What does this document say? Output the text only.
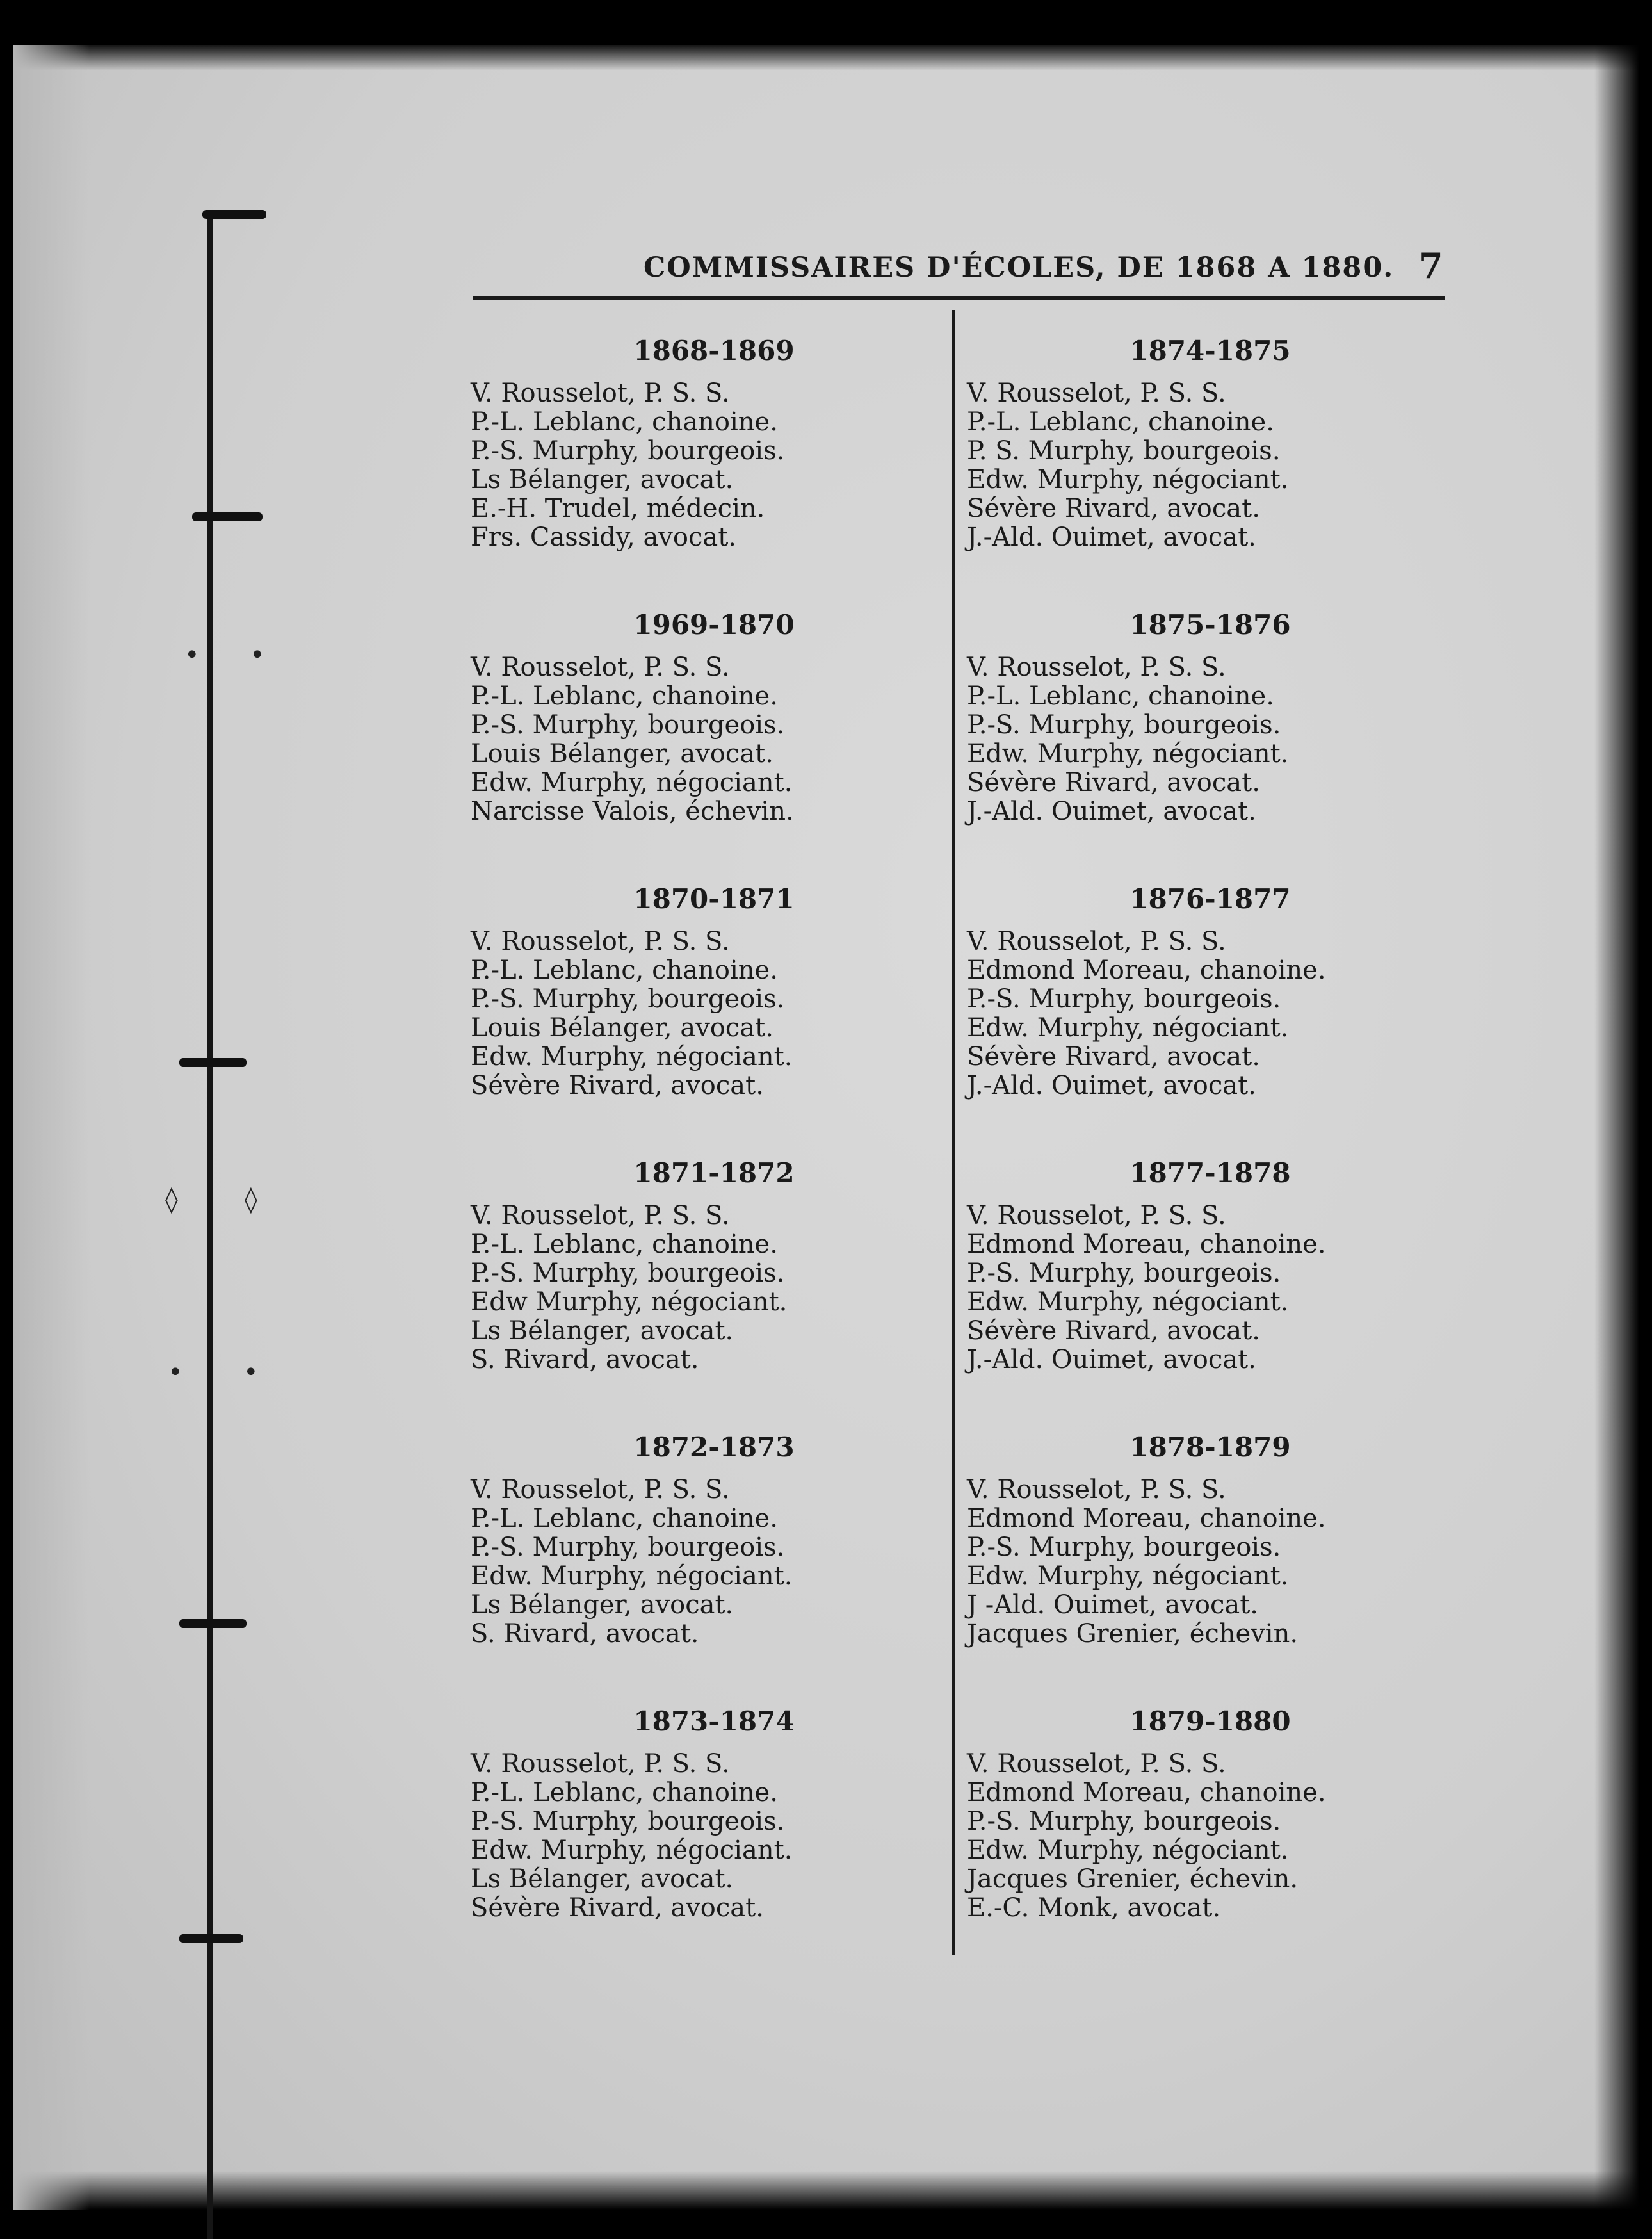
• •
◊	◊
• •
COMMISSAIRES D'ÉCOLES, DE 1868 A 1880. 7
1868-1869
V. Rousselot, P. S. S.
P.-L. Leblanc, chanoine.
P.-S. Murphy, bourgeois.
Ls Bélanger, avocat.
E.-H. Trudel, médecin.
Frs. Cassidy, avocat.
1969-1870
V. Rousselot, P. S. S.
P.-L. Leblanc, chanoine.
P.-S. Murphy, bourgeois.
Louis Bélanger, avocat.
Edw. Murphy, négociant.
Narcisse Valois, échevin.
1870-1871
V. Rousselot, P. S. S.
P.-L. Leblanc, chanoine.
P.-S. Murphy, bourgeois.
Louis Bélanger, avocat.
Edw. Murphy, négociant.
Sévère Rivard, avocat.
1871-1872
V. Rousselot, P. S. S.
P.-L. Leblanc, chanoine.
P.-S. Murphy, bourgeois.
Edw Murphy, négociant.
Ls Bélanger, avocat.
S. Rivard, avocat.
1872-1873
V. Rousselot, P. S. S.
P.-L. Leblanc, chanoine.
P.-S. Murphy, bourgeois.
Edw. Murphy, négociant.
Ls Bélanger, avocat.
S. Rivard, avocat.
1873-1874
V. Rousselot, P. S. S.
P.-L. Leblanc, chanoine.
P.-S. Murphy, bourgeois.
Edw. Murphy, négociant.
Ls Bélanger, avocat.
Sévère Rivard, avocat.
1874-1875
V. Rousselot, P. S. S.
P.-L. Leblanc, chanoine.
P. S. Murphy, bourgeois.
Edw. Murphy, négociant.
Sévère Rivard, avocat.
J.-Ald. Ouimet, avocat.
1875-1876
V. Rousselot, P. S. S.
P.-L. Leblanc, chanoine.
P.-S. Murphy, bourgeois.
Edw. Murphy, négociant.
Sévère Rivard, avocat.
J.-Ald. Ouimet, avocat.
1876-1877
V. Rousselot, P. S. S.
Edmond Moreau, chanoine.
P.-S. Murphy, bourgeois.
Edw. Murphy, négociant.
Sévère Rivard, avocat.
J.-Ald. Ouimet, avocat.
1877-1878
V. Rousselot, P. S. S.
Edmond Moreau, chanoine.
P.-S. Murphy, bourgeois.
Edw. Murphy, négociant.
Sévère Rivard, avocat.
J.-Ald. Ouimet, avocat.
1878-1879
V. Rousselot, P. S. S.
Edmond Moreau, chanoine.
P.-S. Murphy, bourgeois.
Edw. Murphy, négociant.
J -Ald. Ouimet, avocat.
Jacques Grenier, échevin.
1879-1880
V. Rousselot, P. S. S.
Edmond Moreau, chanoine.
P.-S. Murphy, bourgeois.
Edw. Murphy, négociant.
Jacques Grenier, échevin.
E.-C. Monk, avocat.
